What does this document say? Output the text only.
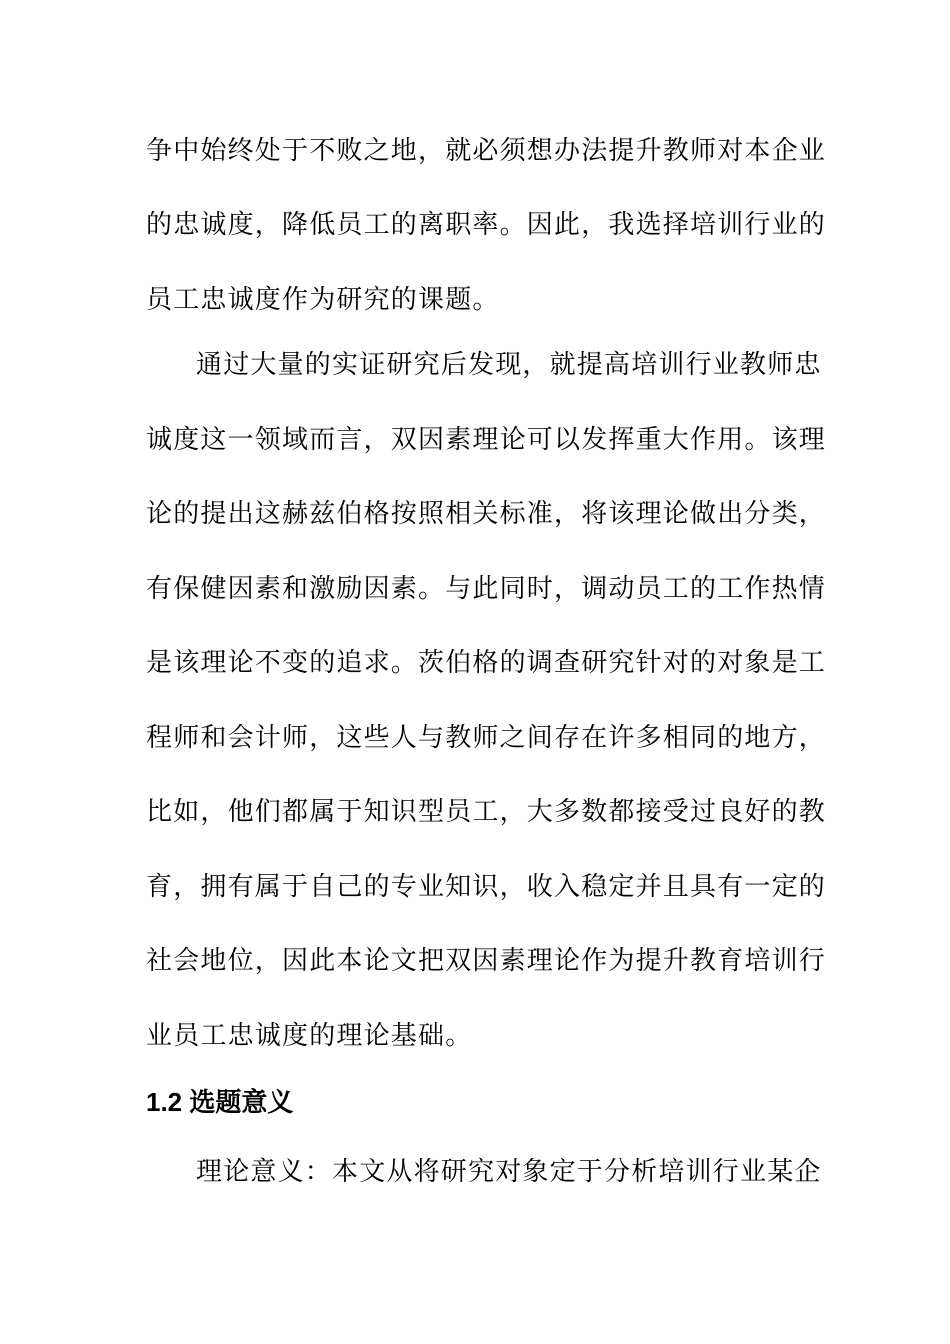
争中始终处于不败之地，就必须想办法提升教师对本企业
的忠诚度，降低员工的离职率。因此，我选择培训行业的
员工忠诚度作为研究的课题。
通过大量的实证研究后发现，就提高培训行业教师忠
诚度这一领域而言，双因素理论可以发挥重大作用。该理
论的提出这赫兹伯格按照相关标准，将该理论做出分类，
有保健因素和激励因素。与此同时，调动员工的工作热情
是该理论不变的追求。茨伯格的调查研究针对的对象是工
程师和会计师，这些人与教师之间存在许多相同的地方，
比如，他们都属于知识型员工，大多数都接受过良好的教
育，拥有属于自己的专业知识，收入稳定并且具有一定的
社会地位，因此本论文把双因素理论作为提升教育培训行
业员工忠诚度的理论基础。
1.2 选题意义
理论意义：本文从将研究对象定于分析培训行业某企
